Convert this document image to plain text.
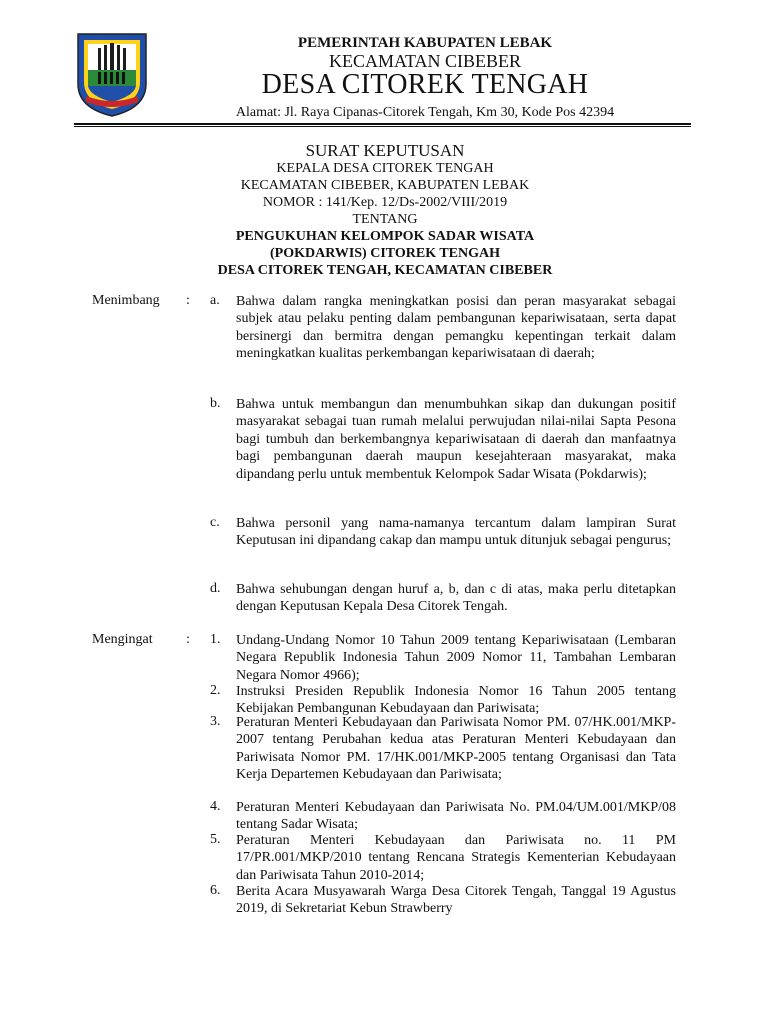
PEMERINTAH KABUPATEN LEBAK
KECAMATAN CIBEBER
DESA CITOREK TENGAH
Alamat: Jl. Raya Cipanas-Citorek Tengah, Km 30, Kode Pos 42394
SURAT KEPUTUSAN
KEPALA DESA CITOREK TENGAH
KECAMATAN CIBEBER, KABUPATEN LEBAK
NOMOR : 141/Kep. 12/Ds-2002/VIII/2019
TENTANG
PENGUKUHAN KELOMPOK SADAR WISATA
(POKDARWIS) CITOREK TENGAH
DESA CITOREK TENGAH, KECAMATAN CIBEBER
Menimbang : a. Bahwa dalam rangka meningkatkan posisi dan peran masyarakat sebagai subjek atau pelaku penting dalam pembangunan kepariwisataan, serta dapat bersinergi dan bermitra dengan pemangku kepentingan terkait dalam meningkatkan kualitas perkembangan kepariwisataan di daerah;
b. Bahwa untuk membangun dan menumbuhkan sikap dan dukungan positif masyarakat sebagai tuan rumah melalui perwujudan nilai-nilai Sapta Pesona bagi tumbuh dan berkembangnya kepariwisataan di daerah dan manfaatnya bagi pembangunan daerah maupun kesejahteraan masyarakat, maka dipandang perlu untuk membentuk Kelompok Sadar Wisata (Pokdarwis);
c. Bahwa personil yang nama-namanya tercantum dalam lampiran Surat Keputusan ini dipandang cakap dan mampu untuk ditunjuk sebagai pengurus;
d. Bahwa sehubungan dengan huruf a, b, dan c di atas, maka perlu ditetapkan dengan Keputusan Kepala Desa Citorek Tengah.
Mengingat : 1. Undang-Undang Nomor 10 Tahun 2009 tentang Kepariwisataan (Lembaran Negara Republik Indonesia Tahun 2009 Nomor 11, Tambahan Lembaran Negara Nomor 4966);
2. Instruksi Presiden Republik Indonesia Nomor 16 Tahun 2005 tentang Kebijakan Pembangunan Kebudayaan dan Pariwisata;
3. Peraturan Menteri Kebudayaan dan Pariwisata Nomor PM. 07/HK.001/MKP-2007 tentang Perubahan kedua atas Peraturan Menteri Kebudayaan dan Pariwisata Nomor PM. 17/HK.001/MKP-2005 tentang Organisasi dan Tata Kerja Departemen Kebudayaan dan Pariwisata;
4. Peraturan Menteri Kebudayaan dan Pariwisata No. PM.04/UM.001/MKP/08 tentang Sadar Wisata;
5. Peraturan Menteri Kebudayaan dan Pariwisata no. 11 PM 17/PR.001/MKP/2010 tentang Rencana Strategis Kementerian Kebudayaan dan Pariwisata Tahun 2010-2014;
6. Berita Acara Musyawarah Warga Desa Citorek Tengah, Tanggal 19 Agustus 2019, di Sekretariat Kebun Strawberry
